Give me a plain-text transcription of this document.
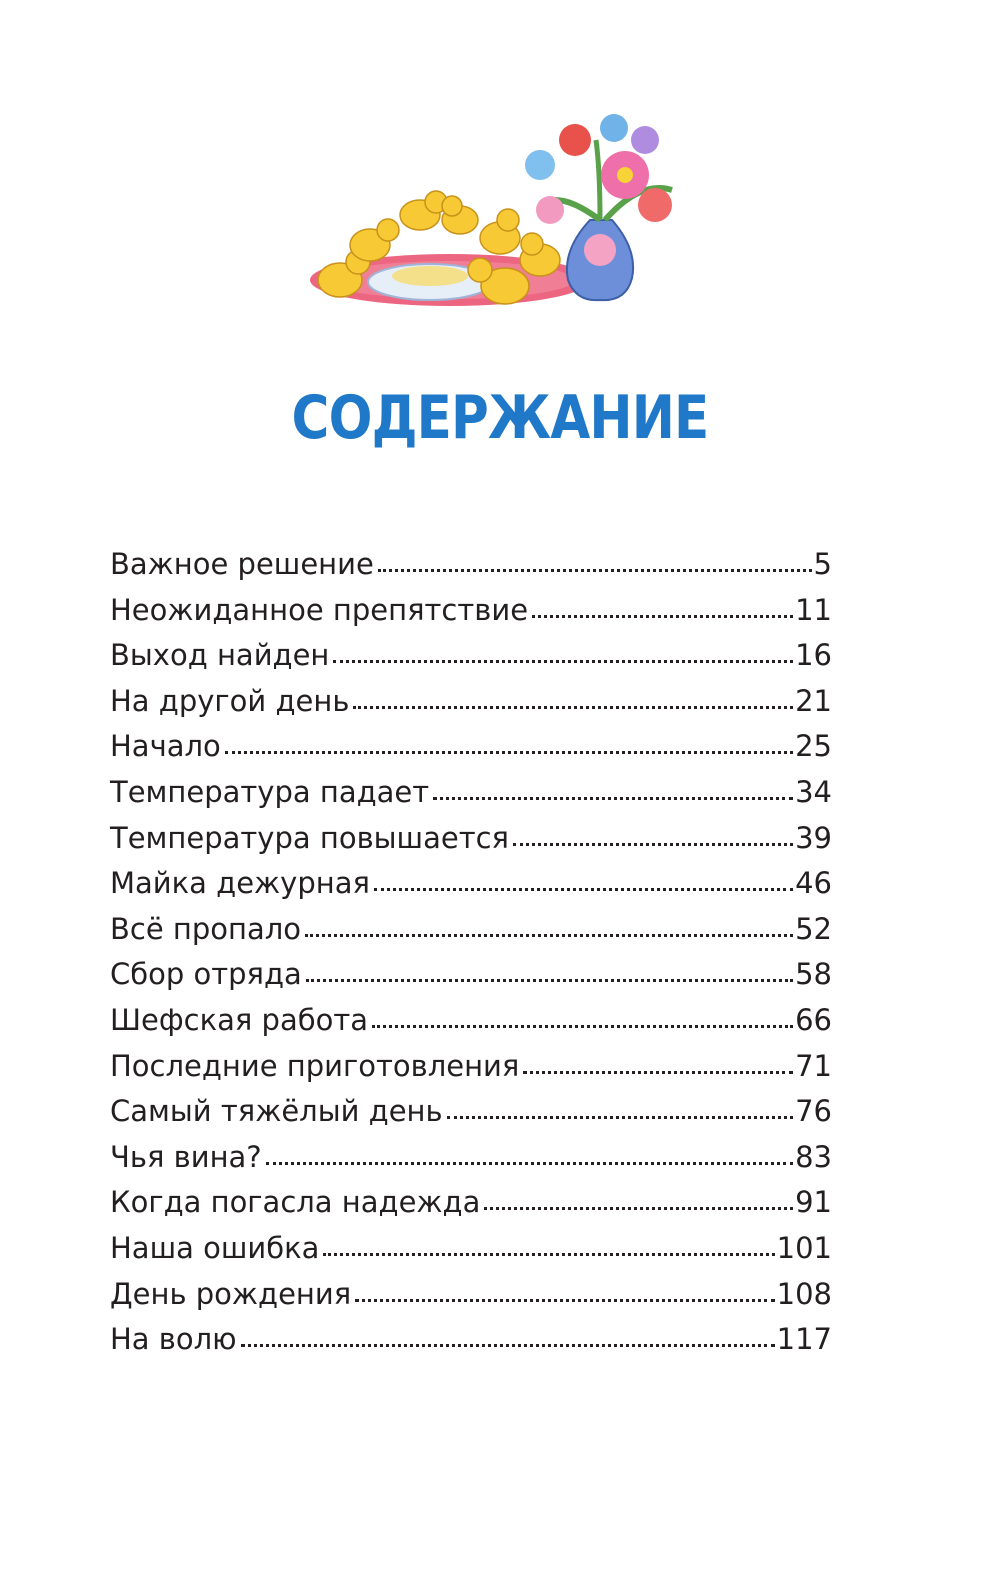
СОДЕРЖАНИЕ
Важное решение	5
Неожиданное препятствие	11
Выход найден	16
На другой день	21
Начало	25
Температура падает	34
Температура повышается	39
Майка дежурная	46
Всё пропало	52
Сбор отряда	58
Шефская работа	66
Последние приготовления	71
Самый тяжёлый день	76
Чья вина?	83
Когда погасла надежда	91
Наша ошибка	101
День рождения	108
На волю	117
